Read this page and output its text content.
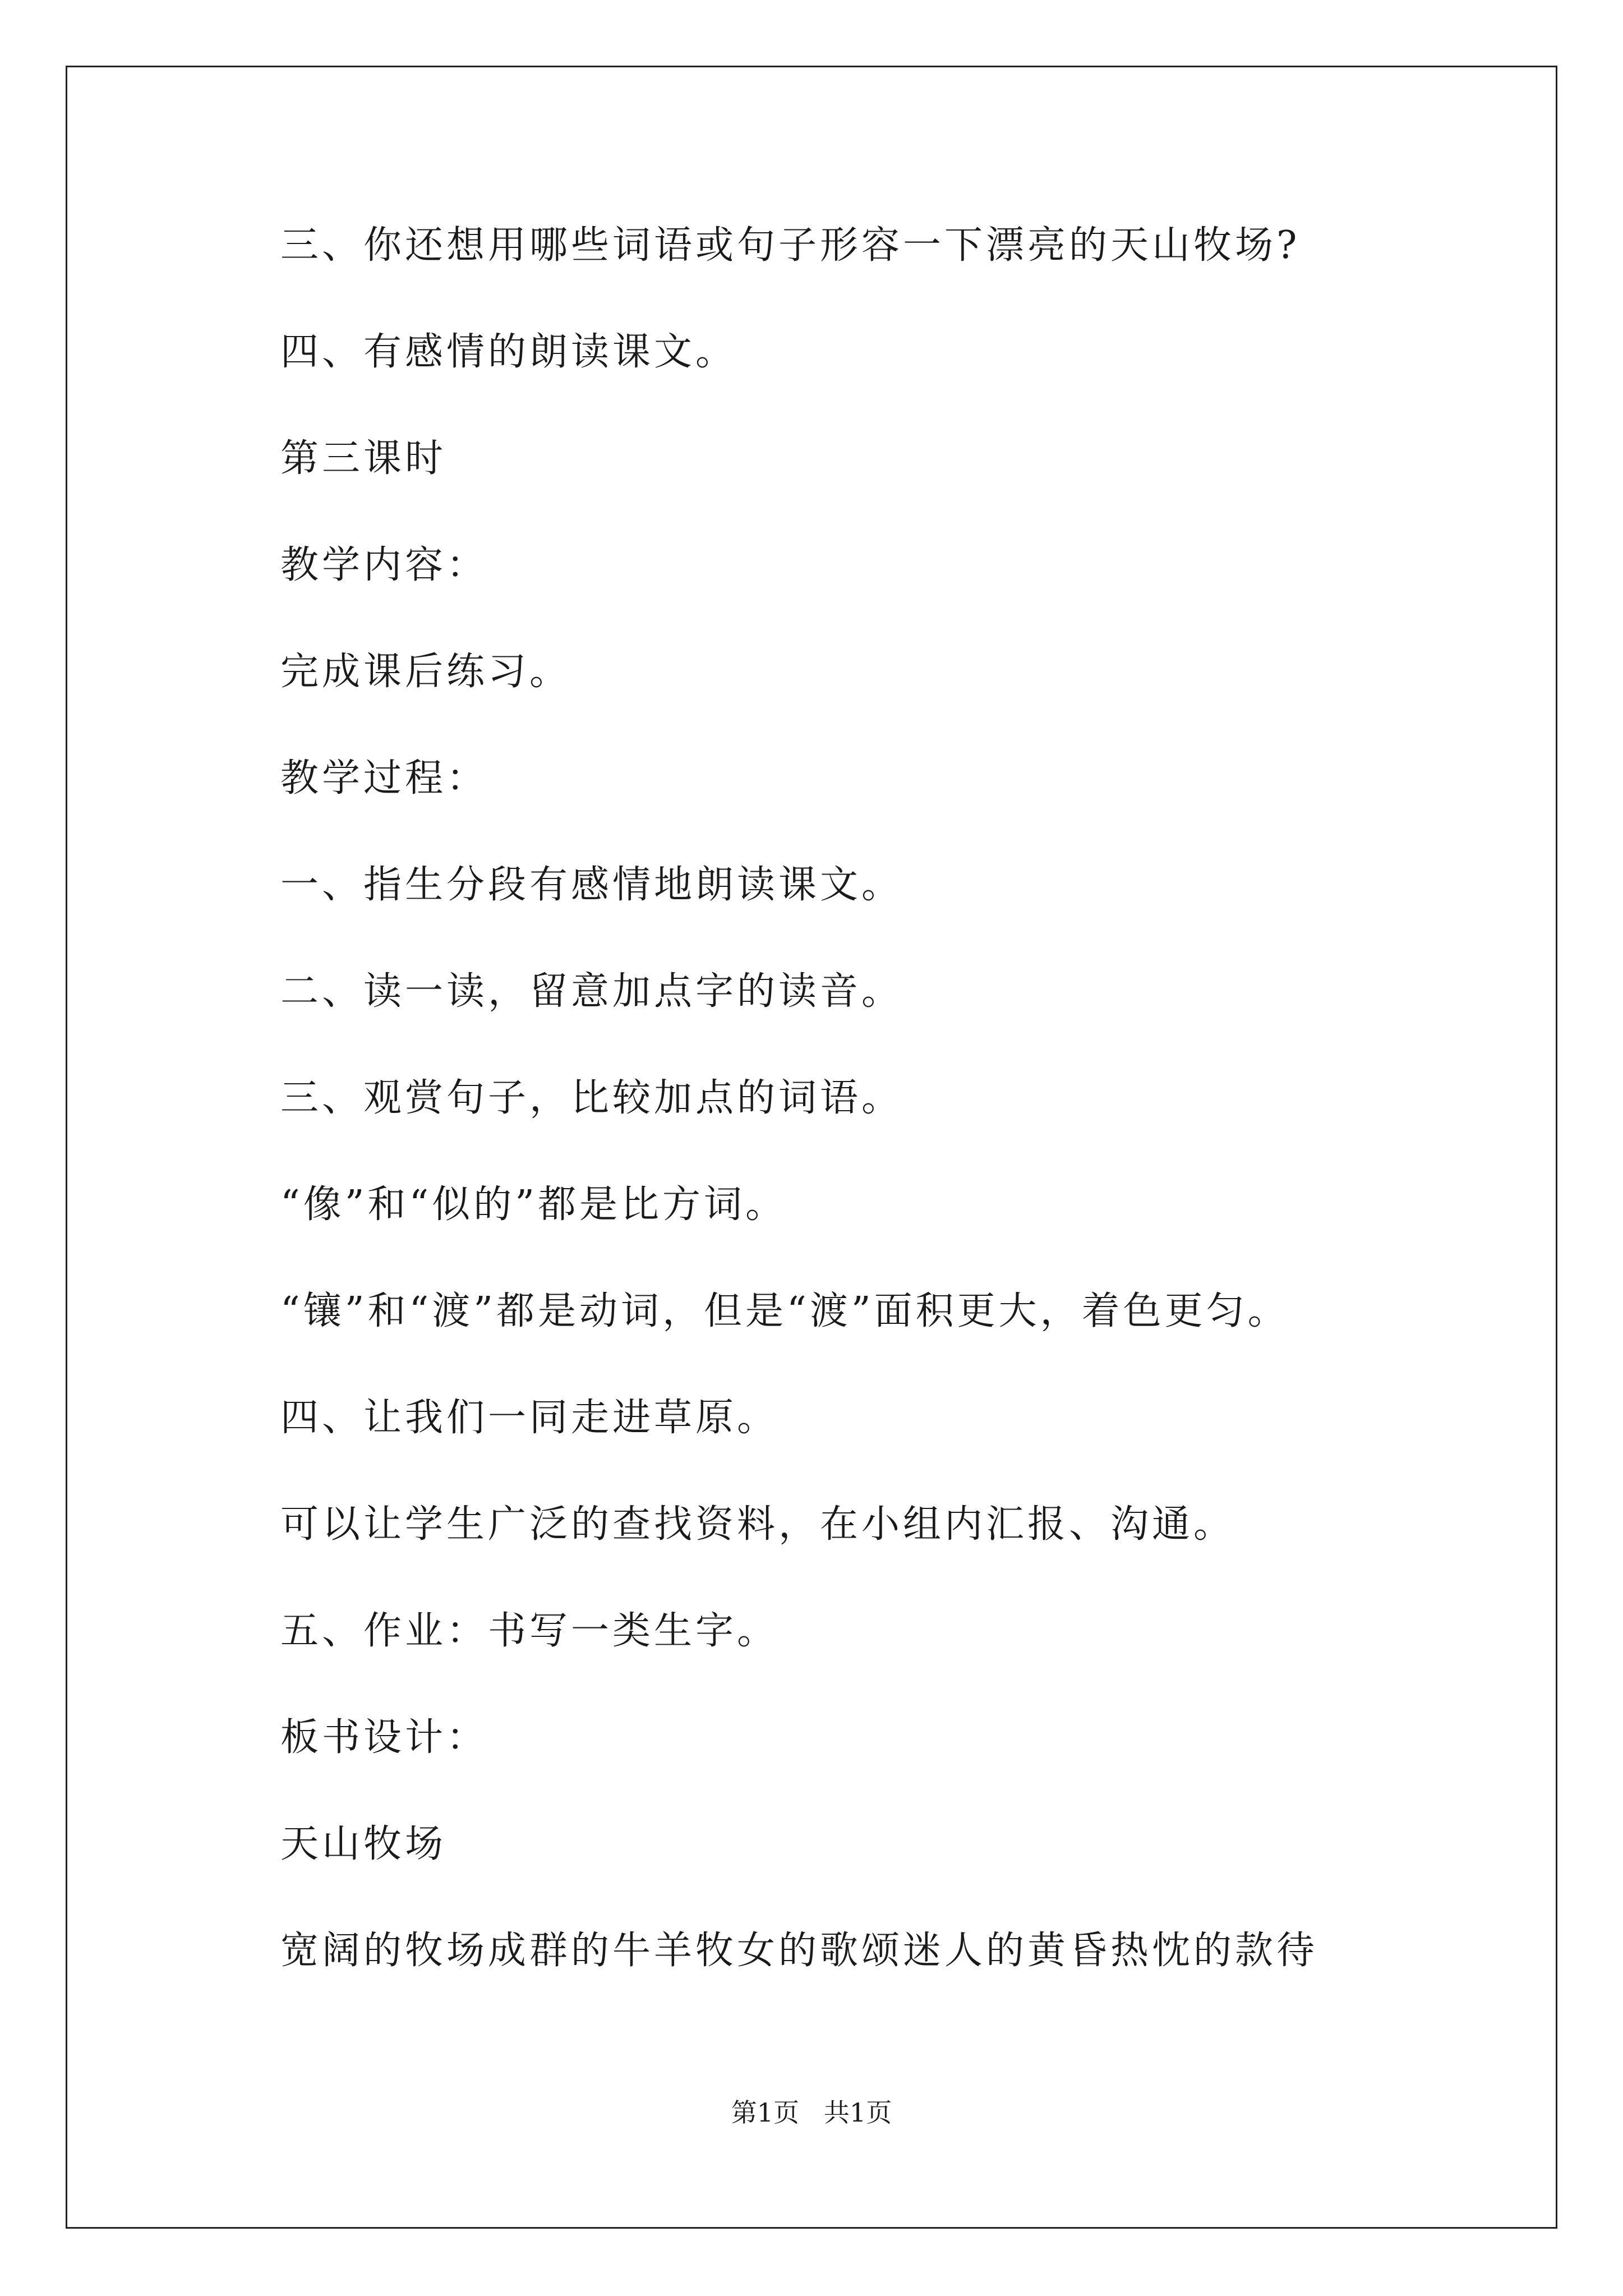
三、你还想用哪些词语或句子形容一下漂亮的天山牧场?
四、有感情的朗读课文。
第三课时
教学内容：
完成课后练习。
教学过程：
一、指生分段有感情地朗读课文。
二、读一读，留意加点字的读音。
三、观赏句子，比较加点的词语。
“像”和“似的”都是比方词。
“镶”和“渡”都是动词，但是“渡”面积更大，着色更匀。
四、让我们一同走进草原。
可以让学生广泛的查找资料，在小组内汇报、沟通。
五、作业：书写一类生字。
板书设计：
天山牧场
宽阔的牧场成群的牛羊牧女的歌颂迷人的黄昏热忱的款待
第1页   共1页
